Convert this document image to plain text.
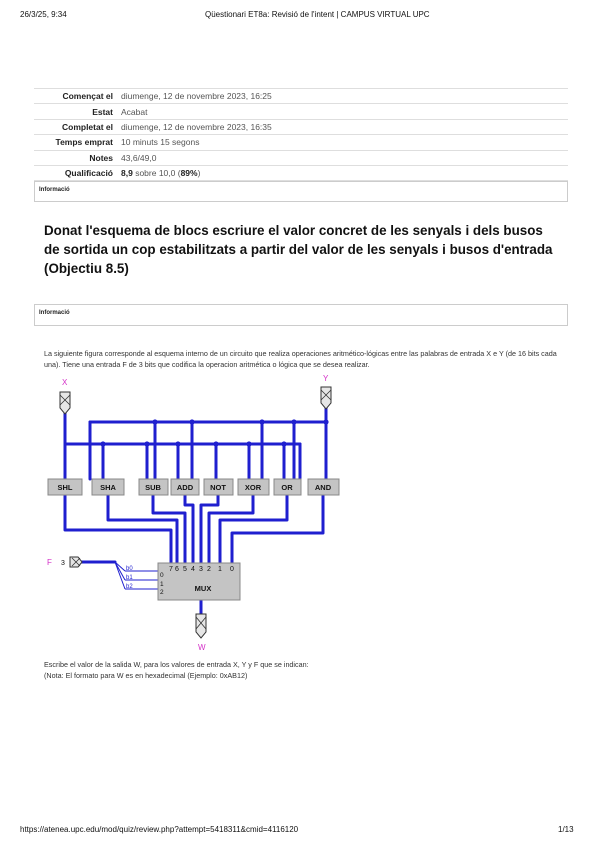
26/3/25, 9:34	Qüestionari ET8a: Revisió de l'intent | CAMPUS VIRTUAL UPC
Començat el	diumenge, 12 de novembre 2023, 16:25
Estat	Acabat
Completat el	diumenge, 12 de novembre 2023, 16:35
Temps emprat	10 minuts 15 segons
Notes	43,6/49,0
Qualificació	8,9 sobre 10,0 (89%)
Informació
Donat l'esquema de blocs escriure el valor concret de les senyals i dels busos de sortida un cop estabilitzats a partir del valor de les senyals i busos d'entrada (Objectiu 8.5)
Informació

La siguiente figura corresponde al esquema interno de un circuito que realiza operaciones aritmético-lógicas entre las palabras de entrada X e Y (de 16 bits cada una). Tiene una entrada F de 3 bits que codifica la operacion aritmética o lógica que se desea realizar.

X	Y
F
W
3
SHL	SHA	SUB ADD NOT	XOR	OR	AND
MUX
7 6 5 4 3 2 1 0
0
1
2
b0
b1
b2

Escribe el valor de la salida W, para los valores de entrada X, Y y F que se indican:

(Nota: El formato para W es en hexadecimal (Ejemplo: 0xAB12)

https://atenea.upc.edu/mod/quiz/review.php?attempt=5418311&cmid=4116120	1/13
